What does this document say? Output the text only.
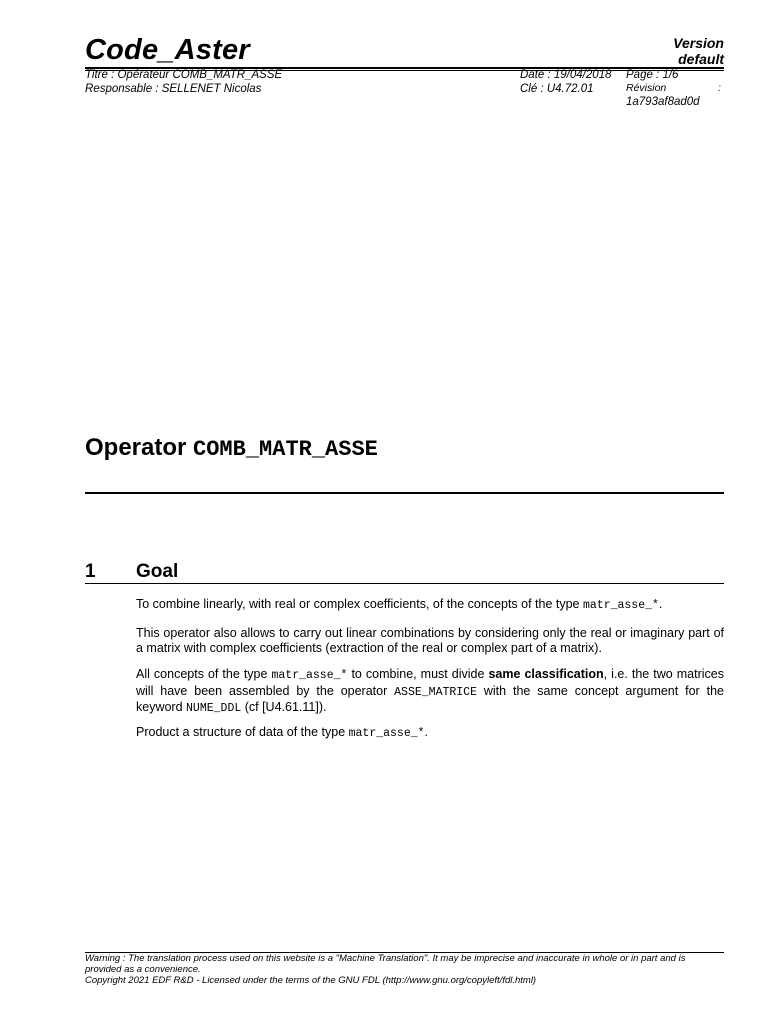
Code_Aster	Version
default
Titre : Opérateur COMB_MATR_ASSE
Responsable : SELLENET Nicolas
Date : 19/04/2018
Clé : U4.72.01
Page : 1/6
Révision	:
1a793af8ad0d
Operator COMB_MATR_ASSE
1 Goal
To combine linearly, with real or complex coefficients, of the concepts of the type matr_asse_*.
This operator also allows to carry out linear combinations by considering only the real or imaginary part of a matrix with complex coefficients (extraction of the real or complex part of a matrix).
All concepts of the type matr_asse_* to combine, must divide same classification, i.e. the two matrices will have been assembled by the operator ASSE_MATRICE with the same concept argument for the keyword NUME_DDL (cf [U4.61.11]).
Product a structure of data of the type matr_asse_*.
Warning : The translation process used on this website is a "Machine Translation". It may be imprecise and inaccurate in whole or in part and is provided as a convenience.
Copyright 2021 EDF R&D - Licensed under the terms of the GNU FDL (http://www.gnu.org/copyleft/fdl.html)
